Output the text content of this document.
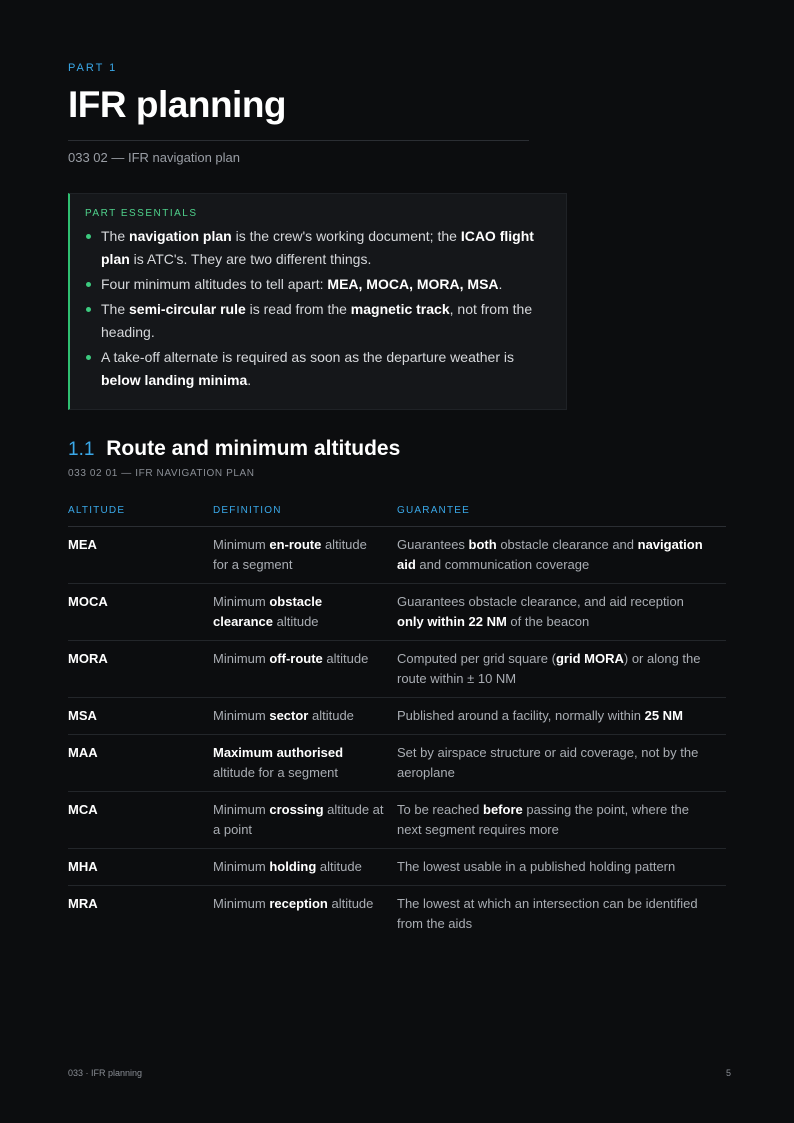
PART 1
IFR planning
033 02 — IFR navigation plan
PART ESSENTIALS
The navigation plan is the crew's working document; the ICAO flight plan is ATC's. They are two different things.
Four minimum altitudes to tell apart: MEA, MOCA, MORA, MSA.
The semi-circular rule is read from the magnetic track, not from the heading.
A take-off alternate is required as soon as the departure weather is below landing minima.
1.1 Route and minimum altitudes
033 02 01 — IFR NAVIGATION PLAN
ALTITUDE	DEFINITION	GUARANTEE
MEA	Minimum en-route altitude for a segment	Guarantees both obstacle clearance and navigation aid and communication coverage
MOCA	Minimum obstacle clearance altitude	Guarantees obstacle clearance, and aid reception only within 22 NM of the beacon
MORA	Minimum off-route altitude	Computed per grid square (grid MORA) or along the route within ± 10 NM
MSA	Minimum sector altitude	Published around a facility, normally within 25 NM
MAA	Maximum authorised altitude for a segment	Set by airspace structure or aid coverage, not by the aeroplane
MCA	Minimum crossing altitude at a point	To be reached before passing the point, where the next segment requires more
MHA	Minimum holding altitude	The lowest usable in a published holding pattern
MRA	Minimum reception altitude	The lowest at which an intersection can be identified from the aids
033 · IFR planning	5
